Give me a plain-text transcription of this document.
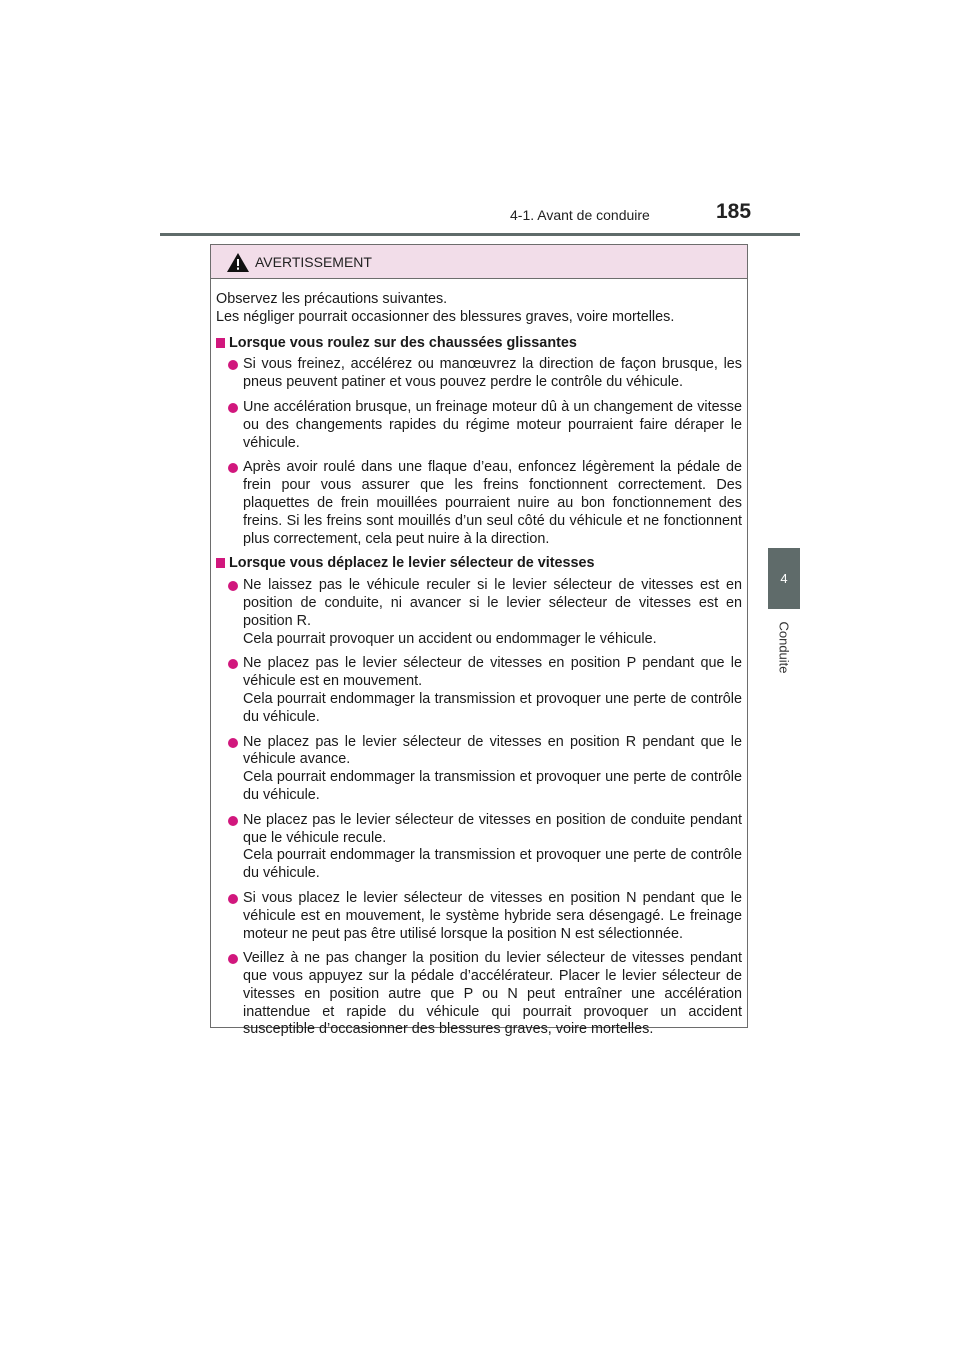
4-1. Avant de conduire	185
4
Conduite
AVERTISSEMENT
Observez les précautions suivantes.
Les négliger pourrait occasionner des blessures graves, voire mortelles.
Lorsque vous roulez sur des chaussées glissantes
Si vous freinez, accélérez ou manœuvrez la direction de façon brusque, les pneus peuvent patiner et vous pouvez perdre le contrôle du véhicule.
Une accélération brusque, un freinage moteur dû à un changement de vitesse ou des changements rapides du régime moteur pourraient faire déraper le véhicule.
Après avoir roulé dans une flaque d’eau, enfoncez légèrement la pédale de frein pour vous assurer que les freins fonctionnent correctement. Des plaquettes de frein mouillées pourraient nuire au bon fonctionnement des freins. Si les freins sont mouillés d’un seul côté du véhicule et ne fonctionnent plus correctement, cela peut nuire à la direction.
Lorsque vous déplacez le levier sélecteur de vitesses
Ne laissez pas le véhicule reculer si le levier sélecteur de vitesses est en position de conduite, ni avancer si le levier sélecteur de vitesses est en position R.
Cela pourrait provoquer un accident ou endommager le véhicule.
Ne placez pas le levier sélecteur de vitesses en position P pendant que le véhicule est en mouvement.
Cela pourrait endommager la transmission et provoquer une perte de contrôle du véhicule.
Ne placez pas le levier sélecteur de vitesses en position R pendant que le véhicule avance.
Cela pourrait endommager la transmission et provoquer une perte de contrôle du véhicule.
Ne placez pas le levier sélecteur de vitesses en position de conduite pendant que le véhicule recule.
Cela pourrait endommager la transmission et provoquer une perte de contrôle du véhicule.
Si vous placez le levier sélecteur de vitesses en position N pendant que le véhicule est en mouvement, le système hybride sera désengagé. Le freinage moteur ne peut pas être utilisé lorsque la position N est sélectionnée.
Veillez à ne pas changer la position du levier sélecteur de vitesses pendant que vous appuyez sur la pédale d’accélérateur. Placer le levier sélecteur de vitesses en position autre que P ou N peut entraîner une accélération inattendue et rapide du véhicule qui pourrait provoquer un accident susceptible d’occasionner des blessures graves, voire mortelles.
